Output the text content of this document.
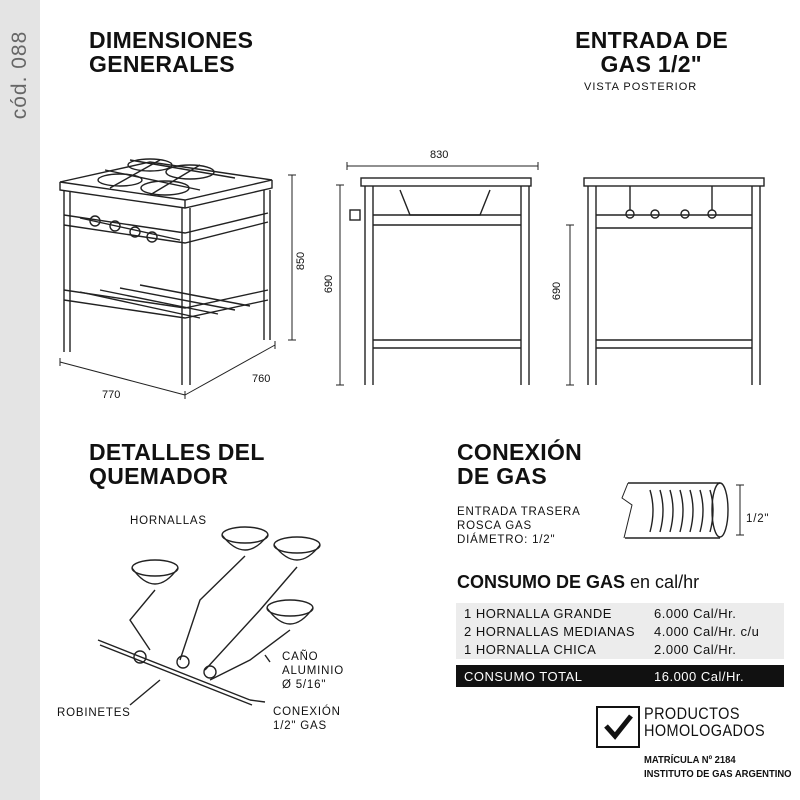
cód. 088	DIMENSIONES
GENERALES
ENTRADA DE
GAS 1/2"
VISTA POSTERIOR
DETALLES DEL
QUEMADOR
CONEXIÓN
DE GAS
770
760
850
830
690	690
HORNALLAS
CAÑO
ALUMINIO
Ø 5/16"
ROBINETES	CONEXIÓN
1/2" GAS
ENTRADA TRASERA
ROSCA GAS
DIÁMETRO: 1/2"
1/2"
CONSUMO DE GAS en cal/hr
1 HORNALLA GRANDE	6.000 Cal/Hr.
2 HORNALLAS MEDIANAS 4.000 Cal/Hr. c/u
1 HORNALLA CHICA	2.000 Cal/Hr.
CONSUMO TOTAL	16.000 Cal/Hr.
PRODUCTOS
HOMOLOGADOS
MATRÍCULA Nº 2184
INSTITUTO DE GAS ARGENTINO
